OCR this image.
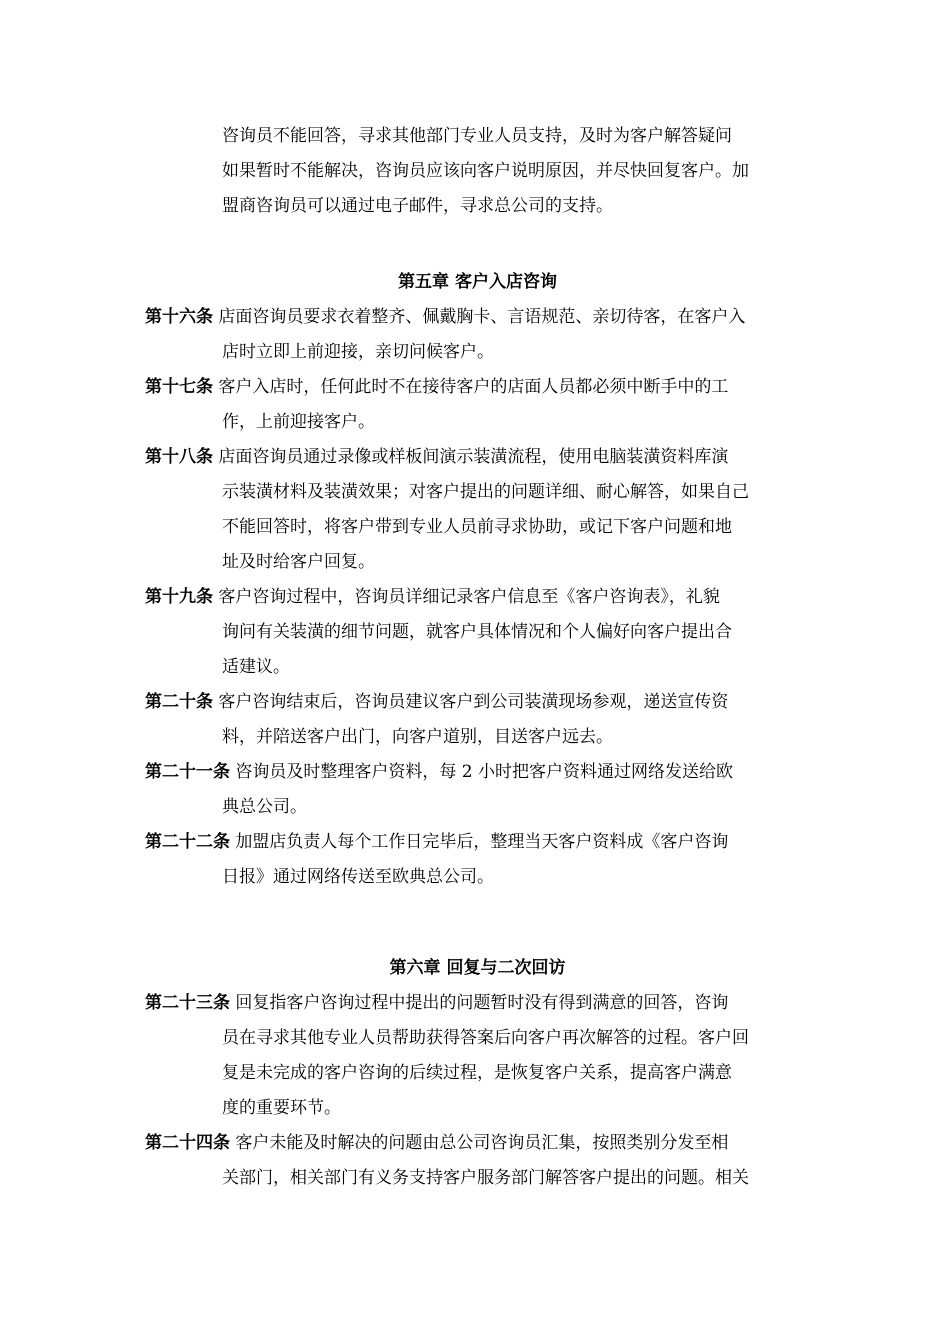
咨询员不能回答，寻求其他部门专业人员支持，及时为客户解答疑问
如果暂时不能解决，咨询员应该向客户说明原因，并尽快回复客户。加
盟商咨询员可以通过电子邮件，寻求总公司的支持。
第五章 客户入店咨询
第十六条 店面咨询员要求衣着整齐、佩戴胸卡、言语规范、亲切待客，在客户入
店时立即上前迎接，亲切问候客户。
第十七条 客户入店时，任何此时不在接待客户的店面人员都必须中断手中的工
作，上前迎接客户。
第十八条 店面咨询员通过录像或样板间演示装潢流程，使用电脑装潢资料库演
示装潢材料及装潢效果；对客户提出的问题详细、耐心解答，如果自己
不能回答时，将客户带到专业人员前寻求协助，或记下客户问题和地
址及时给客户回复。
第十九条 客户咨询过程中，咨询员详细记录客户信息至《客户咨询表》，礼貌
询问有关装潢的细节问题，就客户具体情况和个人偏好向客户提出合
适建议。
第二十条 客户咨询结束后，咨询员建议客户到公司装潢现场参观，递送宣传资
料，并陪送客户出门，向客户道别，目送客户远去。
第二十一条 咨询员及时整理客户资料，每 2 小时把客户资料通过网络发送给欧
典总公司。
第二十二条 加盟店负责人每个工作日完毕后，整理当天客户资料成《客户咨询
日报》通过网络传送至欧典总公司。
第六章 回复与二次回访
第二十三条 回复指客户咨询过程中提出的问题暂时没有得到满意的回答，咨询
员在寻求其他专业人员帮助获得答案后向客户再次解答的过程。客户回
复是未完成的客户咨询的后续过程，是恢复客户关系，提高客户满意
度的重要环节。
第二十四条 客户未能及时解决的问题由总公司咨询员汇集，按照类别分发至相
关部门，相关部门有义务支持客户服务部门解答客户提出的问题。相关
